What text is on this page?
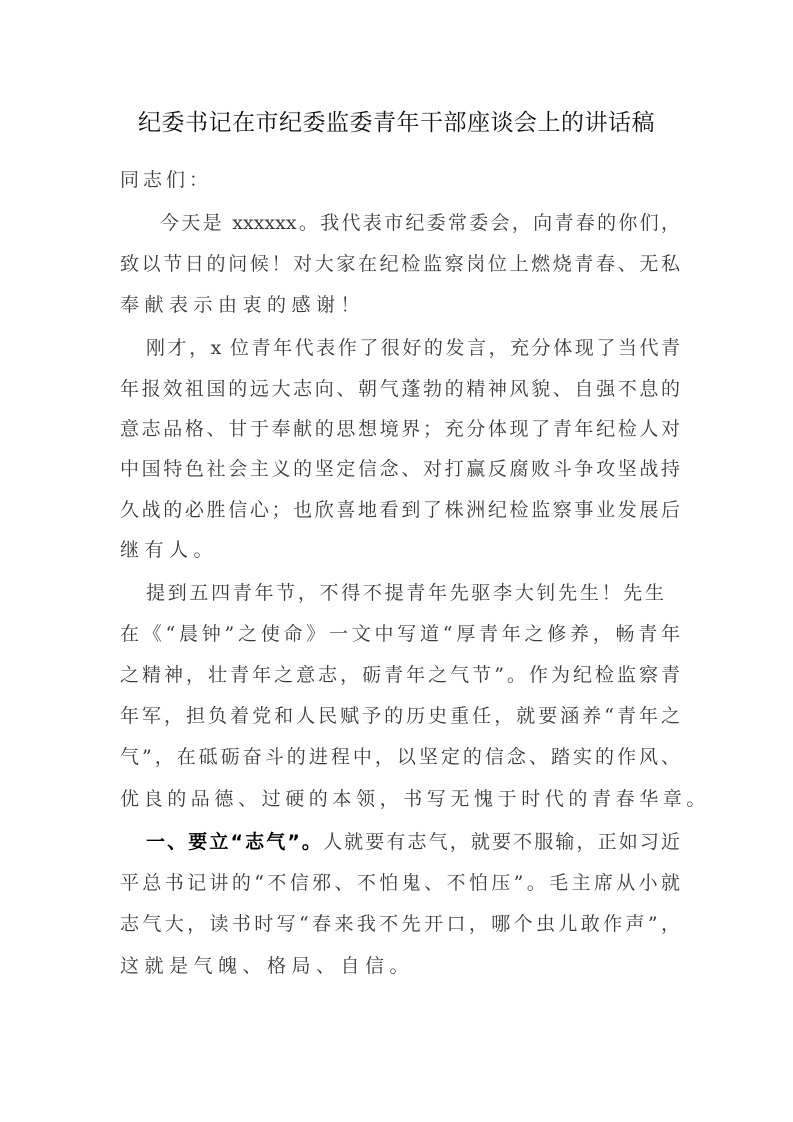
纪委书记在市纪委监委青年干部座谈会上的讲话稿
同志们：
今天是 xxxxxx。我代表市纪委常委会，向青春的你们，
致以节日的问候！对大家在纪检监察岗位上燃烧青春、无私
奉献表示由衷的感谢！
刚才，x 位青年代表作了很好的发言，充分体现了当代青
年报效祖国的远大志向、朝气蓬勃的精神风貌、自强不息的
意志品格、甘于奉献的思想境界；充分体现了青年纪检人对
中国特色社会主义的坚定信念、对打赢反腐败斗争攻坚战持
久战的必胜信心；也欣喜地看到了株洲纪检监察事业发展后
继有人。
提到五四青年节，不得不提青年先驱李大钊先生！先生
在《“晨钟”之使命》一文中写道“厚青年之修养，畅青年
之精神，壮青年之意志，砺青年之气节”。作为纪检监察青
年军，担负着党和人民赋予的历史重任，就要涵养“青年之
气”，在砥砺奋斗的进程中，以坚定的信念、踏实的作风、
优良的品德、过硬的本领，书写无愧于时代的青春华章。
一、要立“志气”。人就要有志气，就要不服输，正如习近
平总书记讲的“不信邪、不怕鬼、不怕压”。毛主席从小就
志气大，读书时写“春来我不先开口，哪个虫儿敢作声”，
这就是气魄、格局、自信。
